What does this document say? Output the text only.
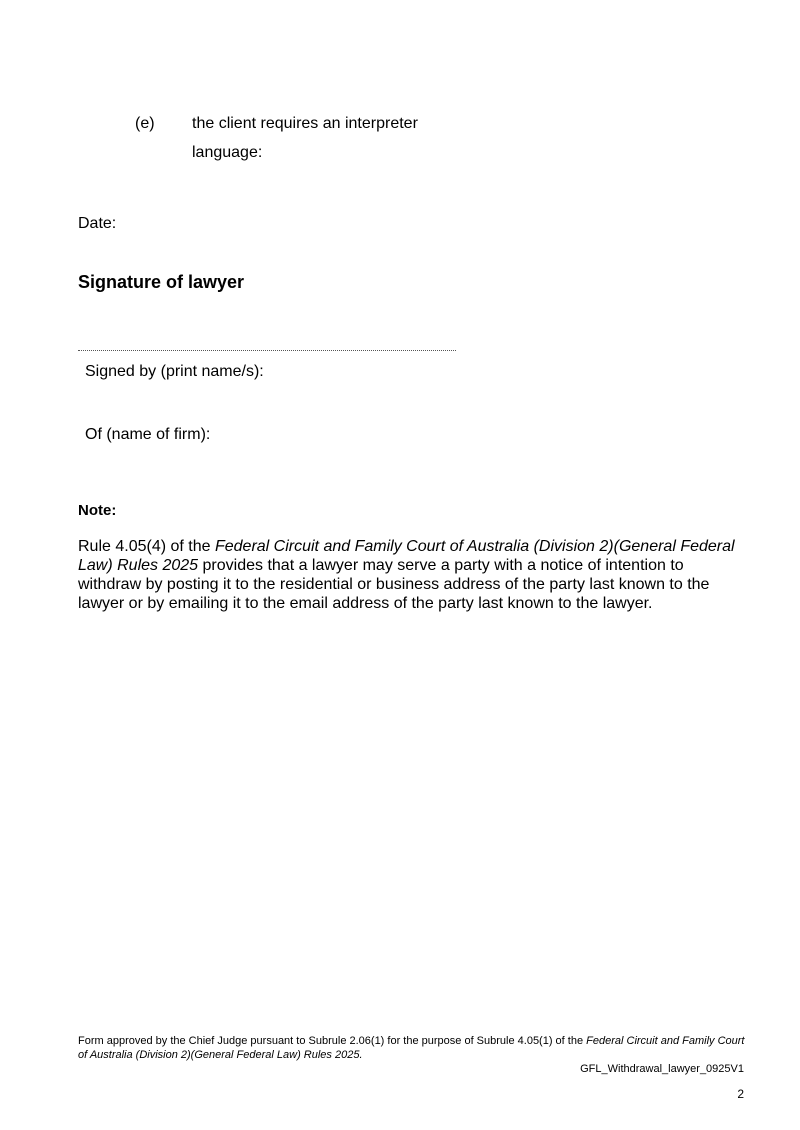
(e) the client requires an interpreter
language:
Date:
Signature of lawyer
Signed by (print name/s):
Of (name of firm):
Note:
Rule 4.05(4) of the Federal Circuit and Family Court of Australia (Division 2)(General Federal Law) Rules 2025 provides that a lawyer may serve a party with a notice of intention to withdraw by posting it to the residential or business address of the party last known to the lawyer or by emailing it to the email address of the party last known to the lawyer.
Form approved by the Chief Judge pursuant to Subrule 2.06(1) for the purpose of Subrule 4.05(1) of the Federal Circuit and Family Court of Australia (Division 2)(General Federal Law) Rules 2025.
GFL_Withdrawal_lawyer_0925V1
2
